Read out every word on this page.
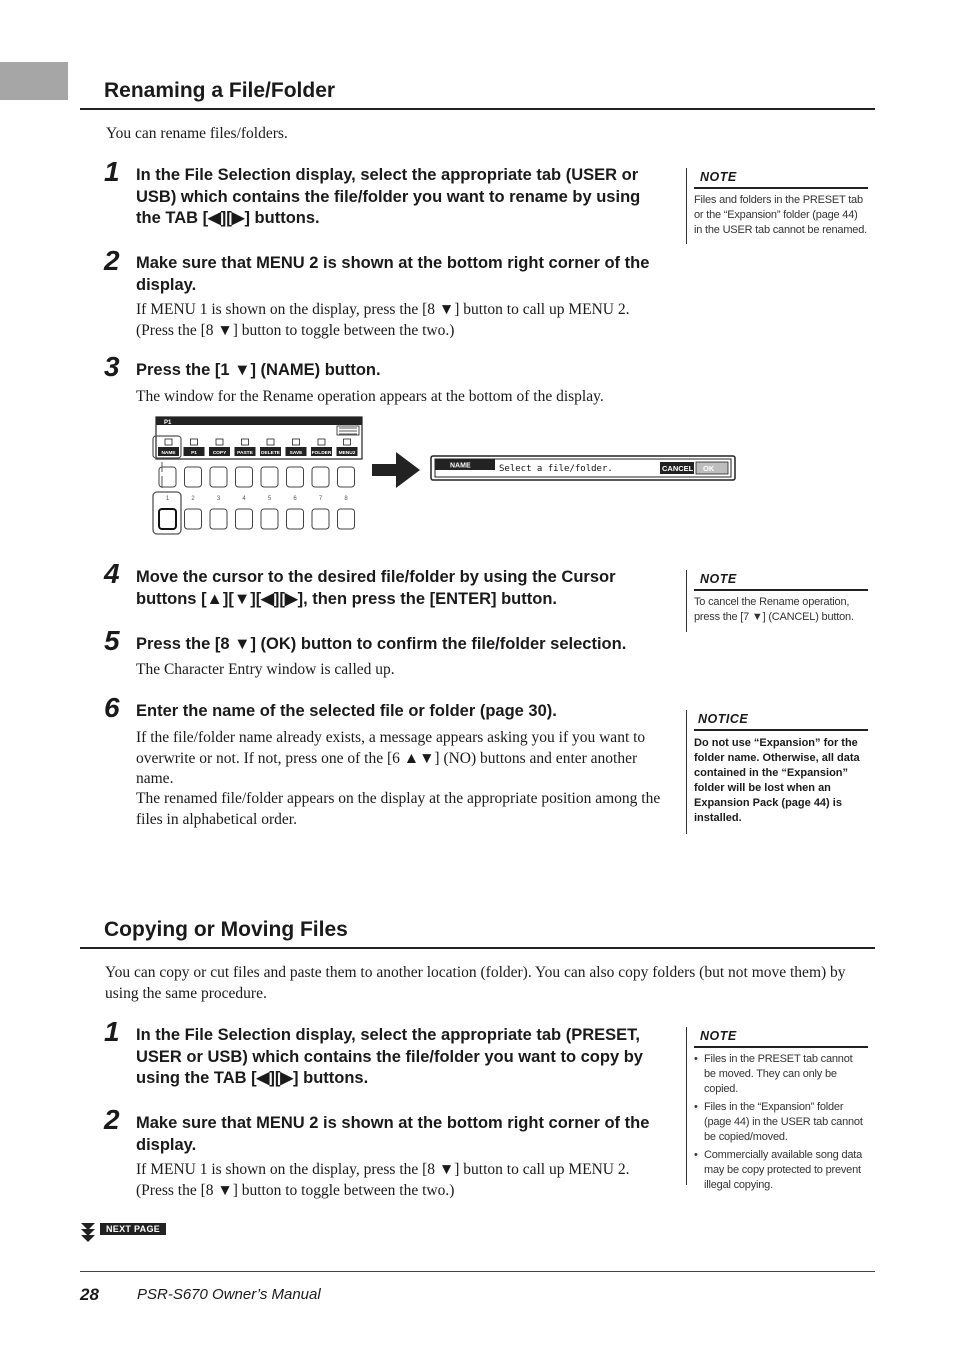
Renaming a File/Folder
You can rename files/folders.
1 In the File Selection display, select the appropriate tab (USER or USB) which contains the file/folder you want to rename by using the TAB [◀][▶] buttons.
2 Make sure that MENU 2 is shown at the bottom right corner of the display.
If MENU 1 is shown on the display, press the [8 ▼] button to call up MENU 2. (Press the [8 ▼] button to toggle between the two.)
3 Press the [1 ▼] (NAME) button.
The window for the Rename operation appears at the bottom of the display.
P1
NAME	P1	COPY PASTE DELETE SAVE FOLDER MENU2
1	2	3	4	5	6	7	8
NAME	Select a file/folder.	CANCEL OK
4 Move the cursor to the desired file/folder by using the Cursor buttons [▲][▼][◀][▶], then press the [ENTER] button.
5 Press the [8 ▼] (OK) button to confirm the file/folder selection.
The Character Entry window is called up.
6 Enter the name of the selected file or folder (page 30).
If the file/folder name already exists, a message appears asking you if you want to overwrite or not. If not, press one of the [6 ▲▼] (NO) buttons and enter another name.
The renamed file/folder appears on the display at the appropriate position among the files in alphabetical order.
NOTE
Files and folders in the PRESET tab or the “Expansion” folder (page 44) in the USER tab cannot be renamed.
NOTE
To cancel the Rename operation, press the [7 ▼] (CANCEL) button.
NOTICE
Do not use “Expansion” for the folder name. Otherwise, all data contained in the “Expansion” folder will be lost when an Expansion Pack (page 44) is installed.
Copying or Moving Files
You can copy or cut files and paste them to another location (folder). You can also copy folders (but not move them) by using the same procedure.
1 In the File Selection display, select the appropriate tab (PRESET, USER or USB) which contains the file/folder you want to copy by using the TAB [◀][▶] buttons.
2 Make sure that MENU 2 is shown at the bottom right corner of the display.
If MENU 1 is shown on the display, press the [8 ▼] button to call up MENU 2. (Press the [8 ▼] button to toggle between the two.)
NOTE
• Files in the PRESET tab cannot be moved. They can only be copied.
• Files in the “Expansion” folder (page 44) in the USER tab cannot be copied/moved.
• Commercially available song data may be copy protected to prevent illegal copying.
NEXT PAGE
28	PSR-S670 Owner’s Manual
